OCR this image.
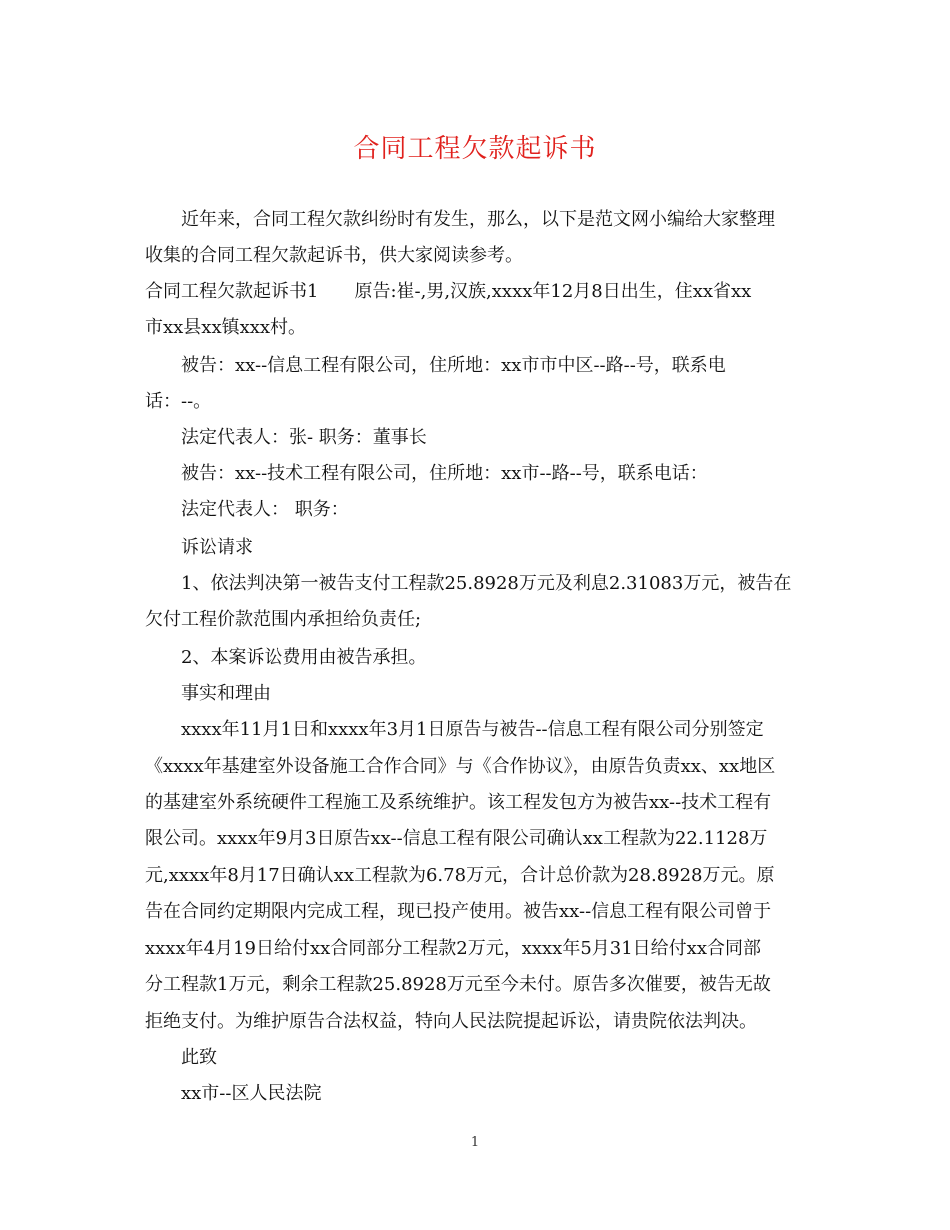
合同工程欠款起诉书
近年来，合同工程欠款纠纷时有发生，那么，以下是范文网小编给大家整理
收集的合同工程欠款起诉书，供大家阅读参考。
合同工程欠款起诉书1　　原告:崔-,男,汉族,xxxx年12月8日出生，住xx省xx
市xx县xx镇xxx村。
被告：xx--信息工程有限公司，住所地：xx市市中区--路--号，联系电
话：--。
法定代表人：张- 职务：董事长
被告：xx--技术工程有限公司，住所地：xx市--路--号，联系电话：
法定代表人： 职务：
诉讼请求
1、依法判决第一被告支付工程款25.8928万元及利息2.31083万元，被告在
欠付工程价款范围内承担给负责任;
2、本案诉讼费用由被告承担。
事实和理由
xxxx年11月1日和xxxx年3月1日原告与被告--信息工程有限公司分别签定
《xxxx年基建室外设备施工合作合同》与《合作协议》，由原告负责xx、xx地区
的基建室外系统硬件工程施工及系统维护。该工程发包方为被告xx--技术工程有
限公司。xxxx年9月3日原告xx--信息工程有限公司确认xx工程款为22.1128万
元,xxxx年8月17日确认xx工程款为6.78万元，合计总价款为28.8928万元。原
告在合同约定期限内完成工程，现已投产使用。被告xx--信息工程有限公司曾于
xxxx年4月19日给付xx合同部分工程款2万元，xxxx年5月31日给付xx合同部
分工程款1万元，剩余工程款25.8928万元至今未付。原告多次催要，被告无故
拒绝支付。为维护原告合法权益，特向人民法院提起诉讼，请贵院依法判决。
此致
xx市--区人民法院
1
